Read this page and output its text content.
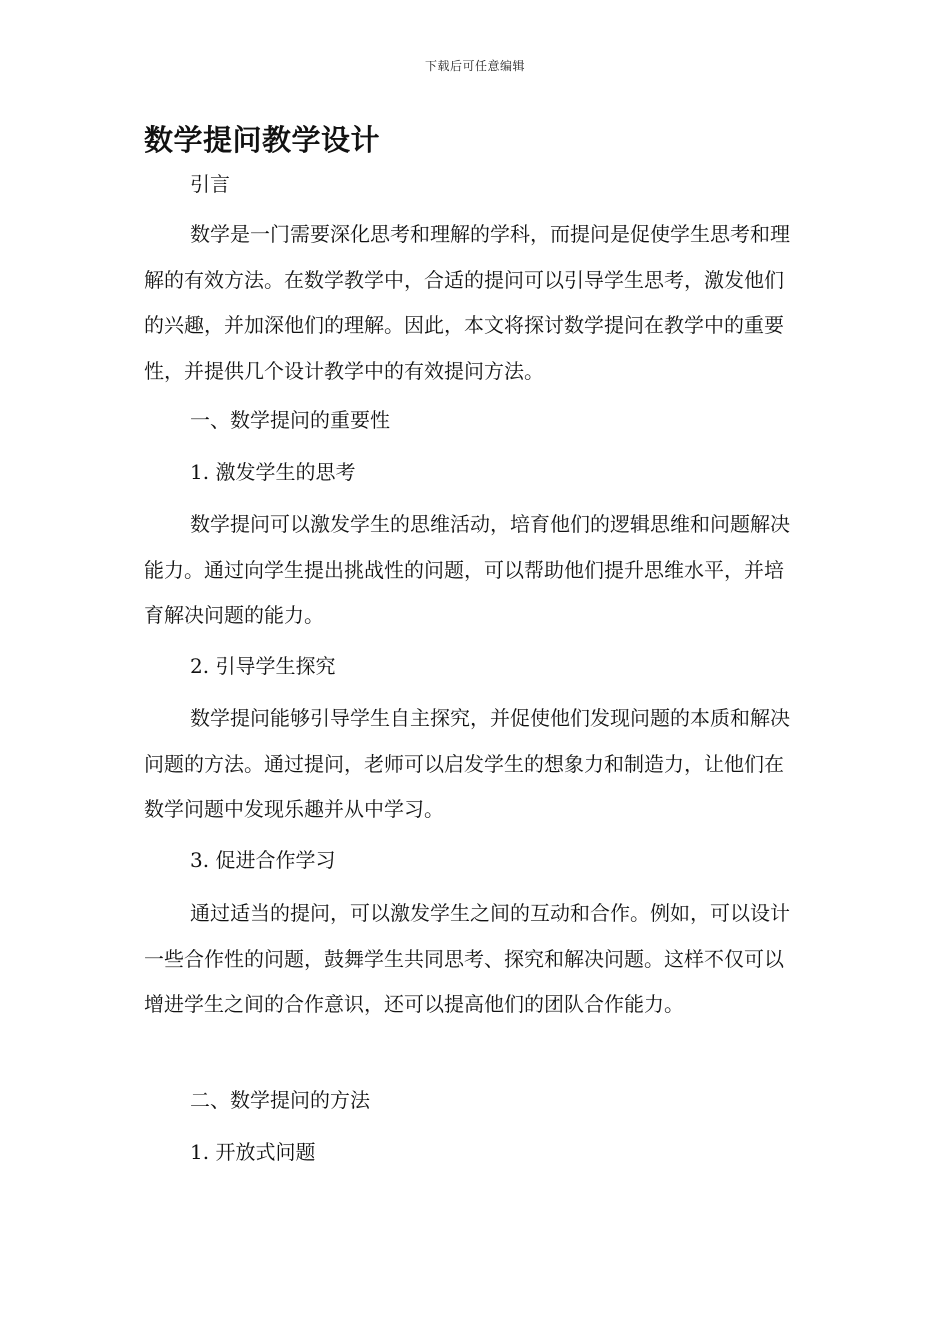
下载后可任意编辑
数学提问教学设计

引言

数学是一门需要深化思考和理解的学科，而提问是促使学生思考和理解的有效方法。在数学教学中，合适的提问可以引导学生思考，激发他们的兴趣，并加深他们的理解。因此，本文将探讨数学提问在教学中的重要性，并提供几个设计教学中的有效提问方法。

一、数学提问的重要性

1. 激发学生的思考

数学提问可以激发学生的思维活动，培育他们的逻辑思维和问题解决能力。通过向学生提出挑战性的问题，可以帮助他们提升思维水平，并培育解决问题的能力。

2. 引导学生探究

数学提问能够引导学生自主探究，并促使他们发现问题的本质和解决问题的方法。通过提问，老师可以启发学生的想象力和制造力，让他们在数学问题中发现乐趣并从中学习。

3. 促进合作学习

通过适当的提问，可以激发学生之间的互动和合作。例如，可以设计一些合作性的问题，鼓舞学生共同思考、探究和解决问题。这样不仅可以增进学生之间的合作意识，还可以提高他们的团队合作能力。

二、数学提问的方法

1. 开放式问题
